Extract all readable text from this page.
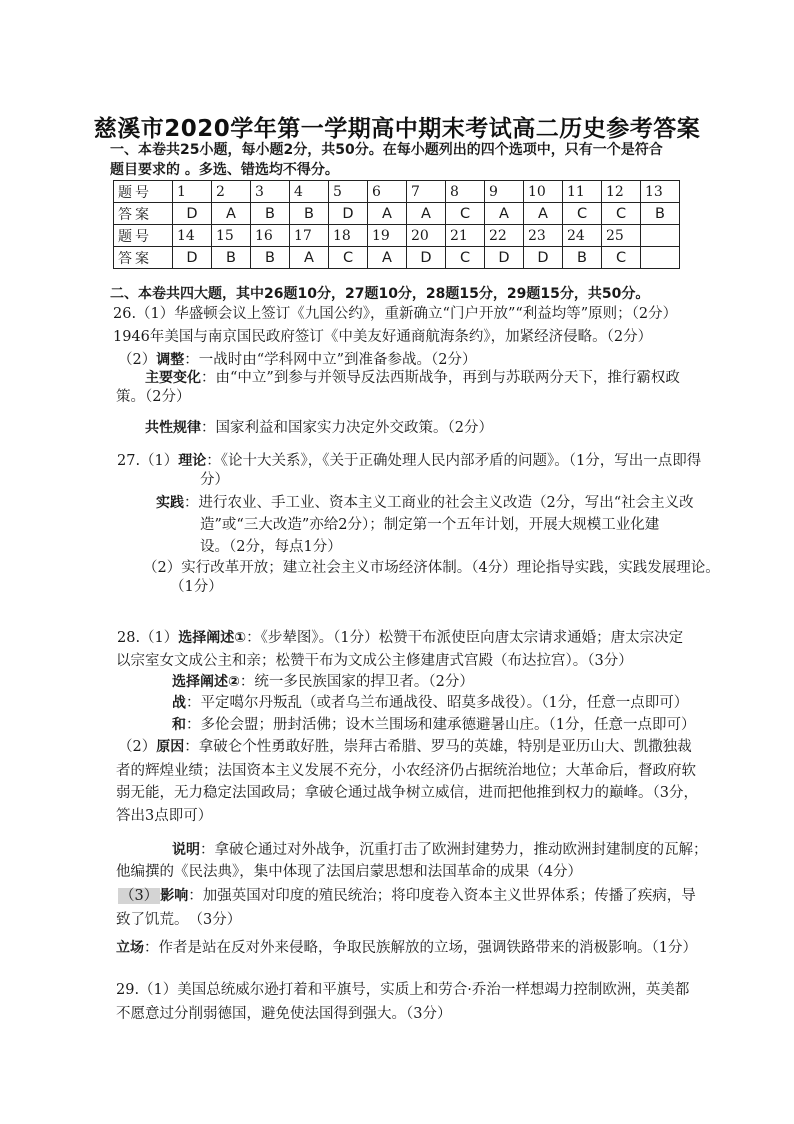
慈溪市2020学年第一学期高中期末考试高二历史参考答案
一、本卷共25小题，每小题2分，共50分。在每小题列出的四个选项中，只有一个是符合
题目要求的 。多选、错选均不得分。
题号	1	2	3	4	5	6	7	8	9	10	11	12	13
答案	D	A	B	B	D	A	A	C	A	A	C	C	B
题号	14	15	16	17	18	19	20	21	22	23	24	25	
答案	D	B	B	A	C	A	D	C	D	D	B	C	
二、本卷共四大题，其中26题10分，27题10分，28题15分，29题15分，共50分。
26.（1）华盛顿会议上签订《九国公约》，重新确立“门户开放”“利益均等”原则；（2分）
1946年美国与南京国民政府签订《中美友好通商航海条约》，加紧经济侵略。（2分）
（2）调整：一战时由“学科网中立”到准备参战。（2分）
主要变化：由“中立”到参与并领导反法西斯战争，再到与苏联两分天下，推行霸权政
策。（2分）
共性规律：国家利益和国家实力决定外交政策。（2分）
27.（1）理论：《论十大关系》，《关于正确处理人民内部矛盾的问题》。（1分，写出一点即得
分）
实践：进行农业、手工业、资本主义工商业的社会主义改造（2分，写出“社会主义改
造”或“三大改造”亦给2分）；制定第一个五年计划，开展大规模工业化建
设。（2分，每点1分）
（2）实行改革开放；建立社会主义市场经济体制。（4分）理论指导实践，实践发展理论。
（1分）
28.（1）选择阐述①：《步辇图》。（1分）松赞干布派使臣向唐太宗请求通婚；唐太宗决定
以宗室女文成公主和亲；松赞干布为文成公主修建唐式宫殿（布达拉宫）。（3分）
选择阐述②：统一多民族国家的捍卫者。（2分）
战：平定噶尔丹叛乱（或者乌兰布通战役、昭莫多战役）。（1分，任意一点即可）
和：多伦会盟；册封活佛；设木兰围场和建承德避暑山庄。（1分，任意一点即可）
（2）原因：拿破仑个性勇敢好胜，崇拜古希腊、罗马的英雄，特别是亚历山大、凯撒独裁
者的辉煌业绩；法国资本主义发展不充分，小农经济仍占据统治地位；大革命后，督政府软
弱无能，无力稳定法国政局；拿破仑通过战争树立威信，进而把他推到权力的巅峰。（3分，
答出3点即可）
说明：拿破仑通过对外战争，沉重打击了欧洲封建势力，推动欧洲封建制度的瓦解；
他编撰的《民法典》，集中体现了法国启蒙思想和法国革命的成果（4分）
（3） 影响：加强英国对印度的殖民统治；将印度卷入资本主义世界体系；传播了疾病，导
致了饥荒。　（3分）
立场：作者是站在反对外来侵略，争取民族解放的立场，强调铁路带来的消极影响。（1分）
29.（1）美国总统威尔逊打着和平旗号，实质上和劳合·乔治一样想竭力控制欧洲，英美都
不愿意过分削弱德国，避免使法国得到强大。（3分）
